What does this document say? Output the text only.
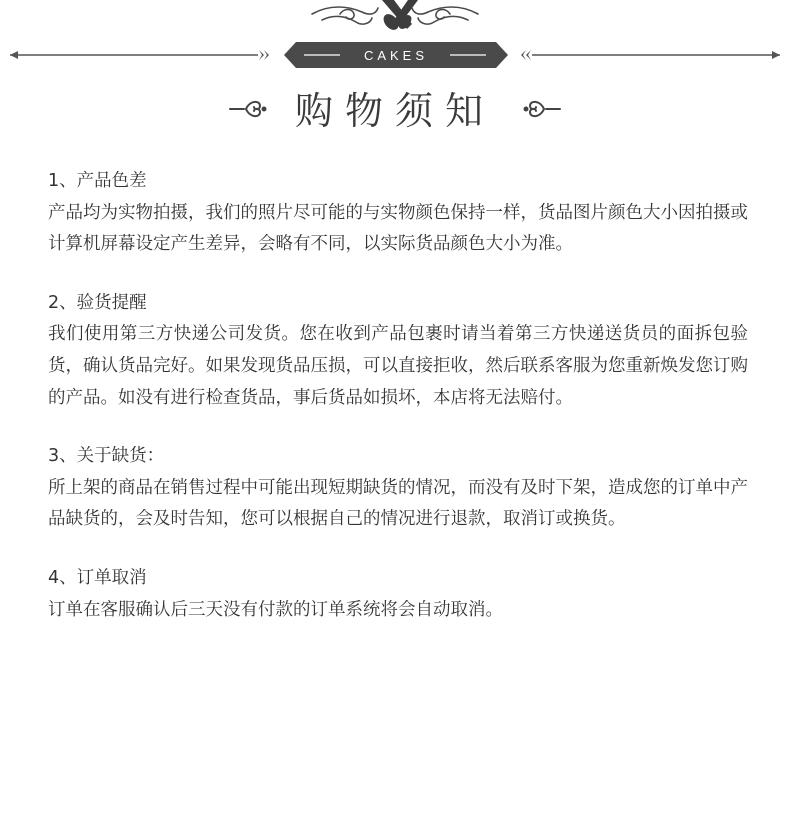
CAKES
购物须知

1、产品色差

产品均为实物拍摄，我们的照片尽可能的与实物颜色保持一样，货品图片颜色大小因拍摄或计算机屏幕设定产生差异，会略有不同，以实际货品颜色大小为准。

2、验货提醒

我们使用第三方快递公司发货。您在收到产品包裹时请当着第三方快递送货员的面拆包验货，确认货品完好。如果发现货品压损，可以直接拒收，然后联系客服为您重新焕发您订购的产品。如没有进行检查货品，事后货品如损坏，本店将无法赔付。

3、关于缺货：

所上架的商品在销售过程中可能出现短期缺货的情况，而没有及时下架，造成您的订单中产品缺货的，会及时告知，您可以根据自己的情况进行退款，取消订或换货。

4、订单取消

订单在客服确认后三天没有付款的订单系统将会自动取消。
